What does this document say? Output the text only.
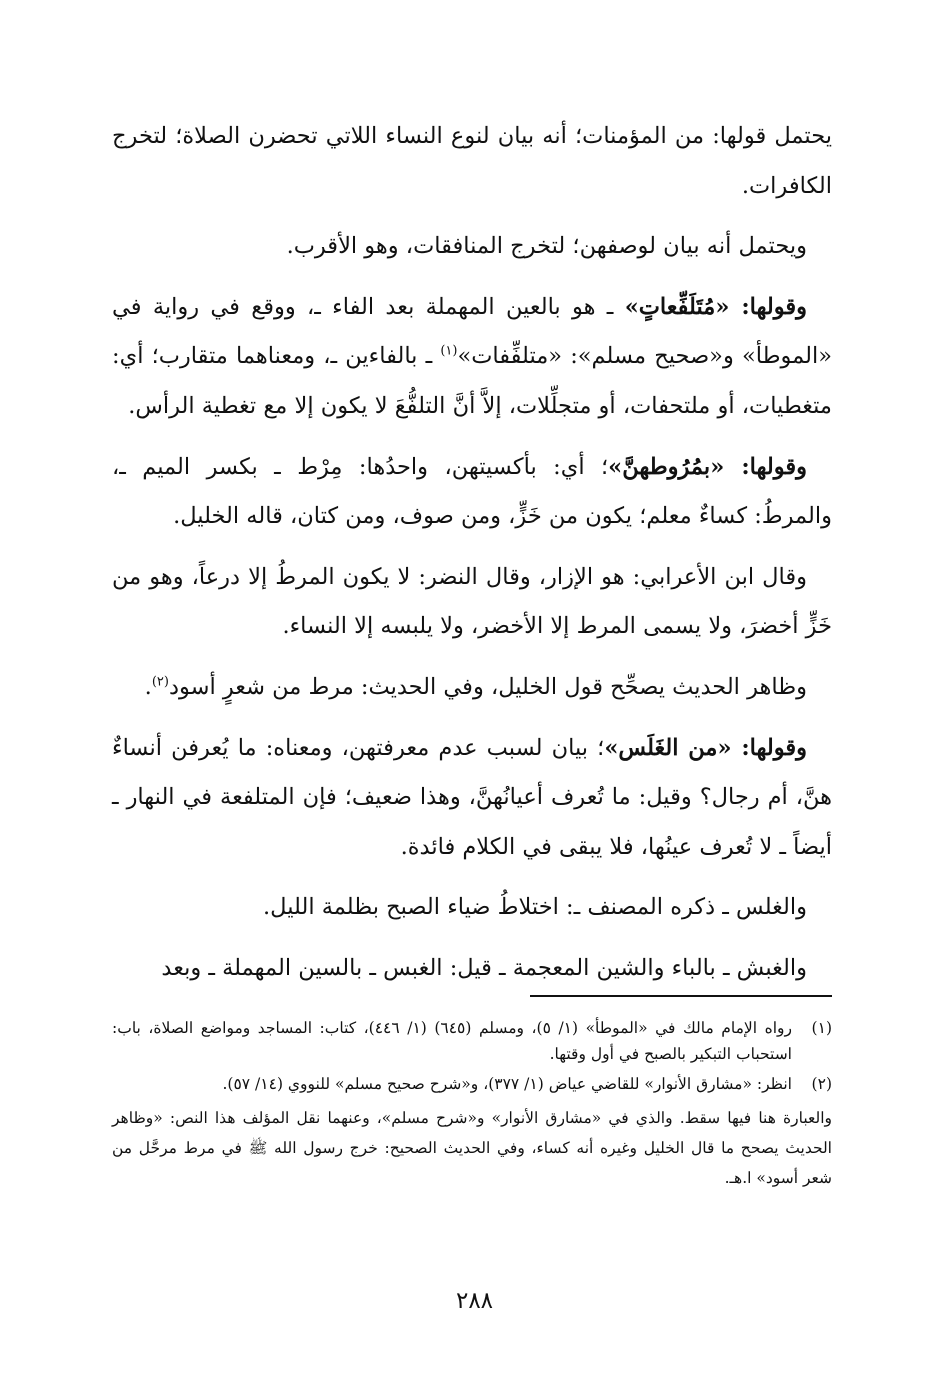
يحتمل قولها: من المؤمنات؛ أنه بيان لنوع النساء اللاتي تحضرن الصلاة؛ لتخرج الكافرات.

ويحتمل أنه بيان لوصفهن؛ لتخرج المنافقات، وهو الأقرب.

وقولها: «مُتَلَفِّعاتٍ» ـ هو بالعين المهملة بعد الفاء ـ، ووقع في رواية في «الموطأ» و«صحيح مسلم»: «متلفِّفات»$^{(١)}$ ـ بالفاءين ـ، ومعناهما متقارب؛ أي: متغطيات، أو ملتحفات، أو متجلِّلات، إلاَّ أنَّ التلفُّعَ لا يكون إلا مع تغطية الرأس.

وقولها: «بمُرُوطهنَّ»؛ أي: بأكسيتهن، واحدُها: مِرْط ـ بكسر الميم ـ، والمرطُ: كساءٌ معلم؛ يكون من خَزٍّ، ومن صوف، ومن كتان، قاله الخليل.

وقال ابن الأعرابي: هو الإزار، وقال النضر: لا يكون المرطُ إلا درعاً، وهو من خَزٍّ أخضرَ، ولا يسمى المرط إلا الأخضر، ولا يلبسه إلا النساء.

وظاهر الحديث يصحِّح قول الخليل، وفي الحديث: مرط من شعرٍ أسود$^{(٢)}$.

وقولها: «من الغَلَس»؛ بيان لسبب عدم معرفتهن، ومعناه: ما يُعرفن أنساءٌ هنَّ، أم رجال؟ وقيل: ما تُعرف أعيانُهنَّ، وهذا ضعيف؛ فإن المتلفعة في النهار ـ أيضاً ـ لا تُعرف عينُها، فلا يبقى في الكلام فائدة.

والغلس ـ ذكره المصنف ـ: اختلاطُ ضياء الصبح بظلمة الليل.

والغبش ـ بالباء والشين المعجمة ـ قيل: الغبس ـ بالسين المهملة ـ وبعد

(١)
رواه الإمام مالك في «الموطأ» (١/ ٥)، ومسلم (٦٤٥) (١/ ٤٤٦)، كتاب: المساجد ومواضع الصلاة، باب: استحباب التبكير بالصبح في أول وقتها.
(٢)
انظر: «مشارق الأنوار» للقاضي عياض (١/ ٣٧٧)، و«شرح صحيح مسلم» للنووي (١٤/ ٥٧).
والعبارة هنا فيها سقط. والذي في «مشارق الأنوار» و«شرح مسلم»، وعنهما نقل المؤلف هذا النص: «وظاهر الحديث يصحح ما قال الخليل وغيره أنه كساء، وفي الحديث الصحيح: خرج رسول الله ﷺ في مرط مرحَّل من شعر أسود» ا.هـ.
٢٨٨
